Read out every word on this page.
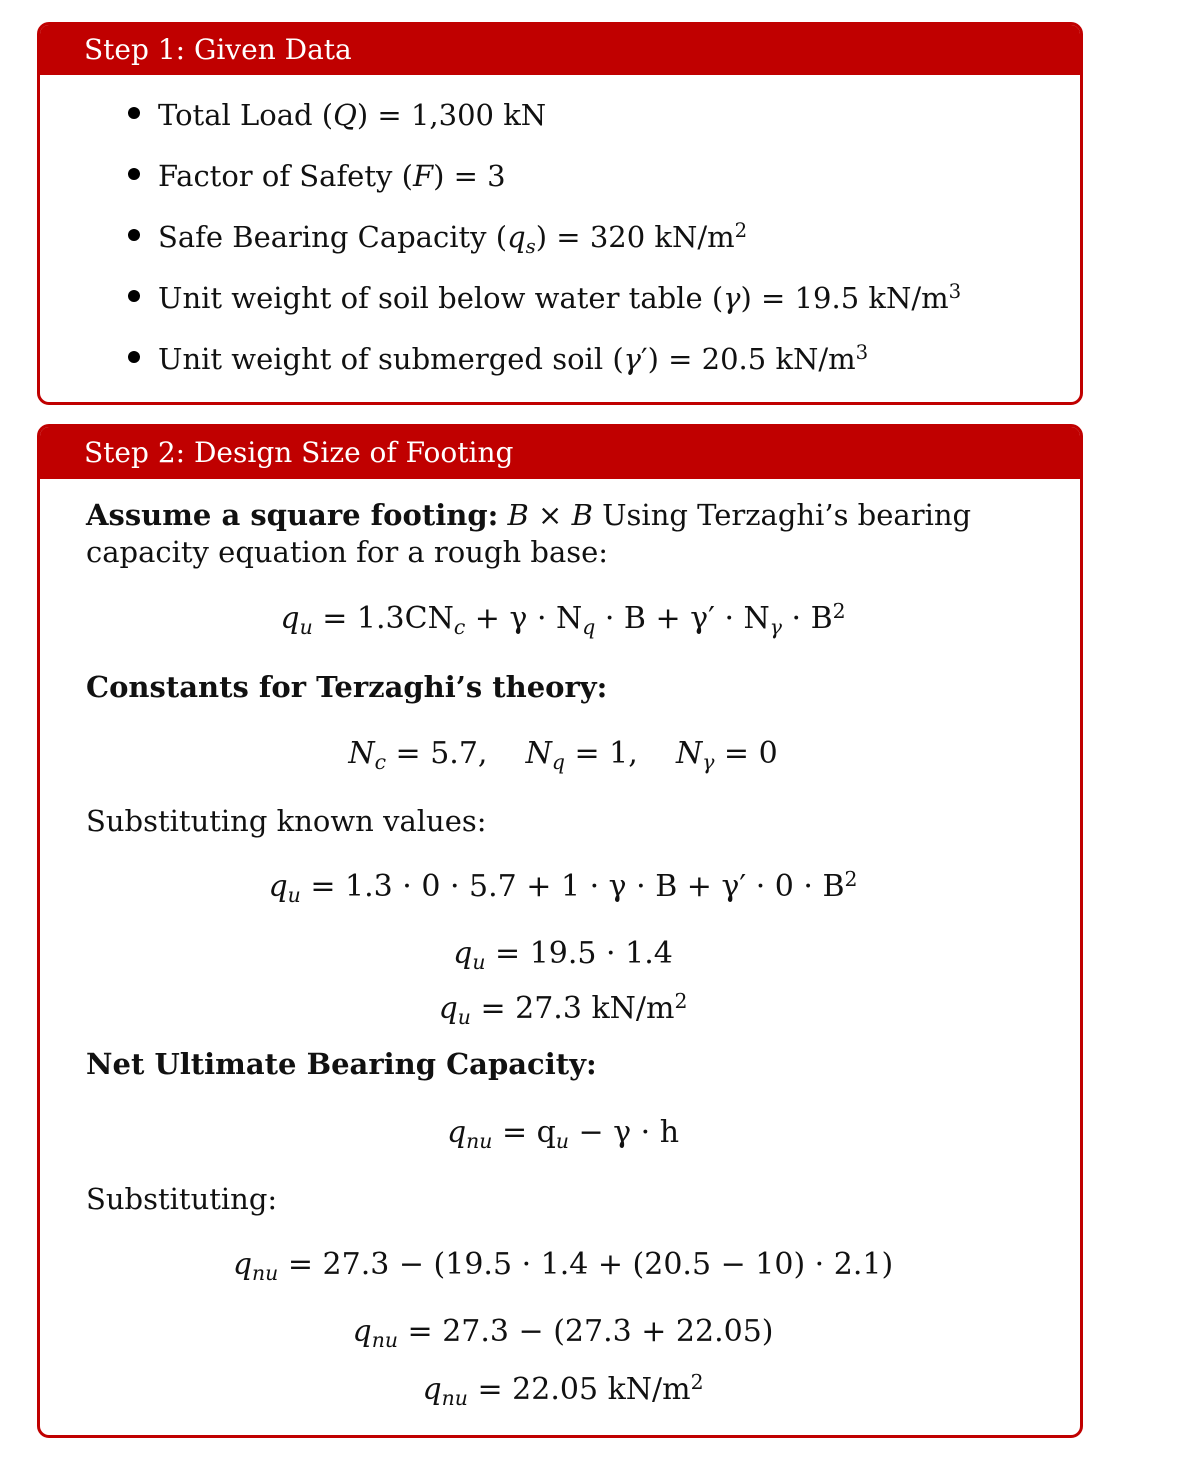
Step 1: Given Data
Total Load ( Q ) = 1,300 kN
Factor of Safety ( F ) = 3
Safe Bearing Capacity ( q s ) = 320 kN/m 2
Unit weight of soil below water table ( γ ) = 19.5 kN/m 3
Unit weight of submerged soil ( γ ′ ) = 20.5 kN/m 3
Step 2: Design Size of Footing
Assume a square footing: B × B Using Terzaghi’s bearing capacity equation for a rough base:
$q_u = 1.3CN_c + \gamma \cdot N_q \cdot B + \gamma' \cdot N_\gamma \cdot B^2$
Constants for Terzaghi’s theory:
$N_c = 5.7$, $N_q = 1$, $N_\gamma = 0$
Substituting known values:
$q_u = 1.3 \cdot 0 \cdot 5.7 + 1 \cdot \gamma \cdot B + \gamma' \cdot 0 \cdot B^2$
$q_u = 19.5 \cdot 1.4$
$q_u = 27.3$ $kN/m^2$
Net Ultimate Bearing Capacity:
$q_{nu} = q_u - \gamma \cdot h$
Substituting:
$q_{nu} = 27.3 - (19.5 \cdot 1.4 + (20.5 - 10) \cdot 2.1)$
$q_{nu} = 27.3 - (27.3 + 22.05)$
$q_{nu} = 22.05$ $kN/m^2$
